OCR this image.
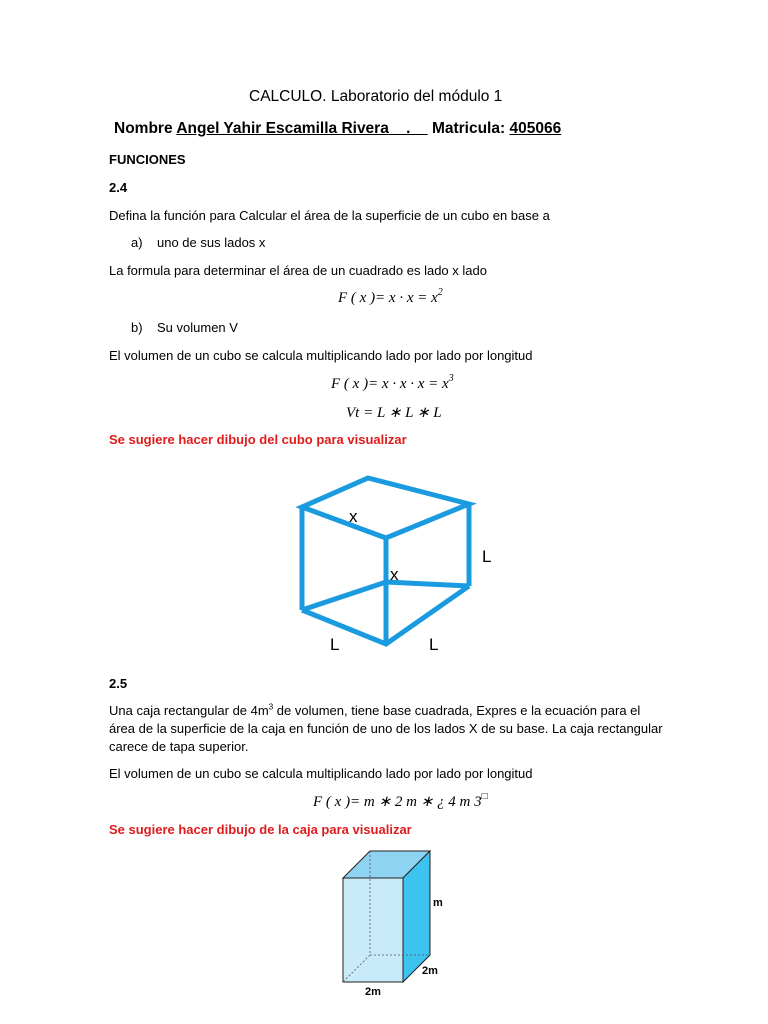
CALCULO. Laboratorio del módulo 1
Nombre Angel Yahir Escamilla Rivera . Matricula: 405066
FUNCIONES
2.4
Defina la función para Calcular el área de la superficie de un cubo en base a
a) uno de sus lados x
La formula para determinar el área de un cuadrado es lado x lado
F ( x )= $x \cdot x = x^2$
b) Su volumen V
El volumen de un cubo se calcula multiplicando lado por lado por longitud
F ( x )= $x \cdot x \cdot x = x^3$
Vt = L ∗ L ∗ L
Se sugiere hacer dibujo del cubo para visualizar
x
x
L
L	L
2.5
Una caja rectangular de $4m^3$ de volumen, tiene base cuadrada, Expres e la ecuación para el
área de la superficie de la caja en función de uno de los lados X de su base. La caja rectangular
carece de tapa superior.
El volumen de un cubo se calcula multiplicando lado por lado por longitud
F ( x )= m ∗ 2 m ∗ ¿ 4 m 3□
Se sugiere hacer dibujo de la caja para visualizar
m
2m
2m
